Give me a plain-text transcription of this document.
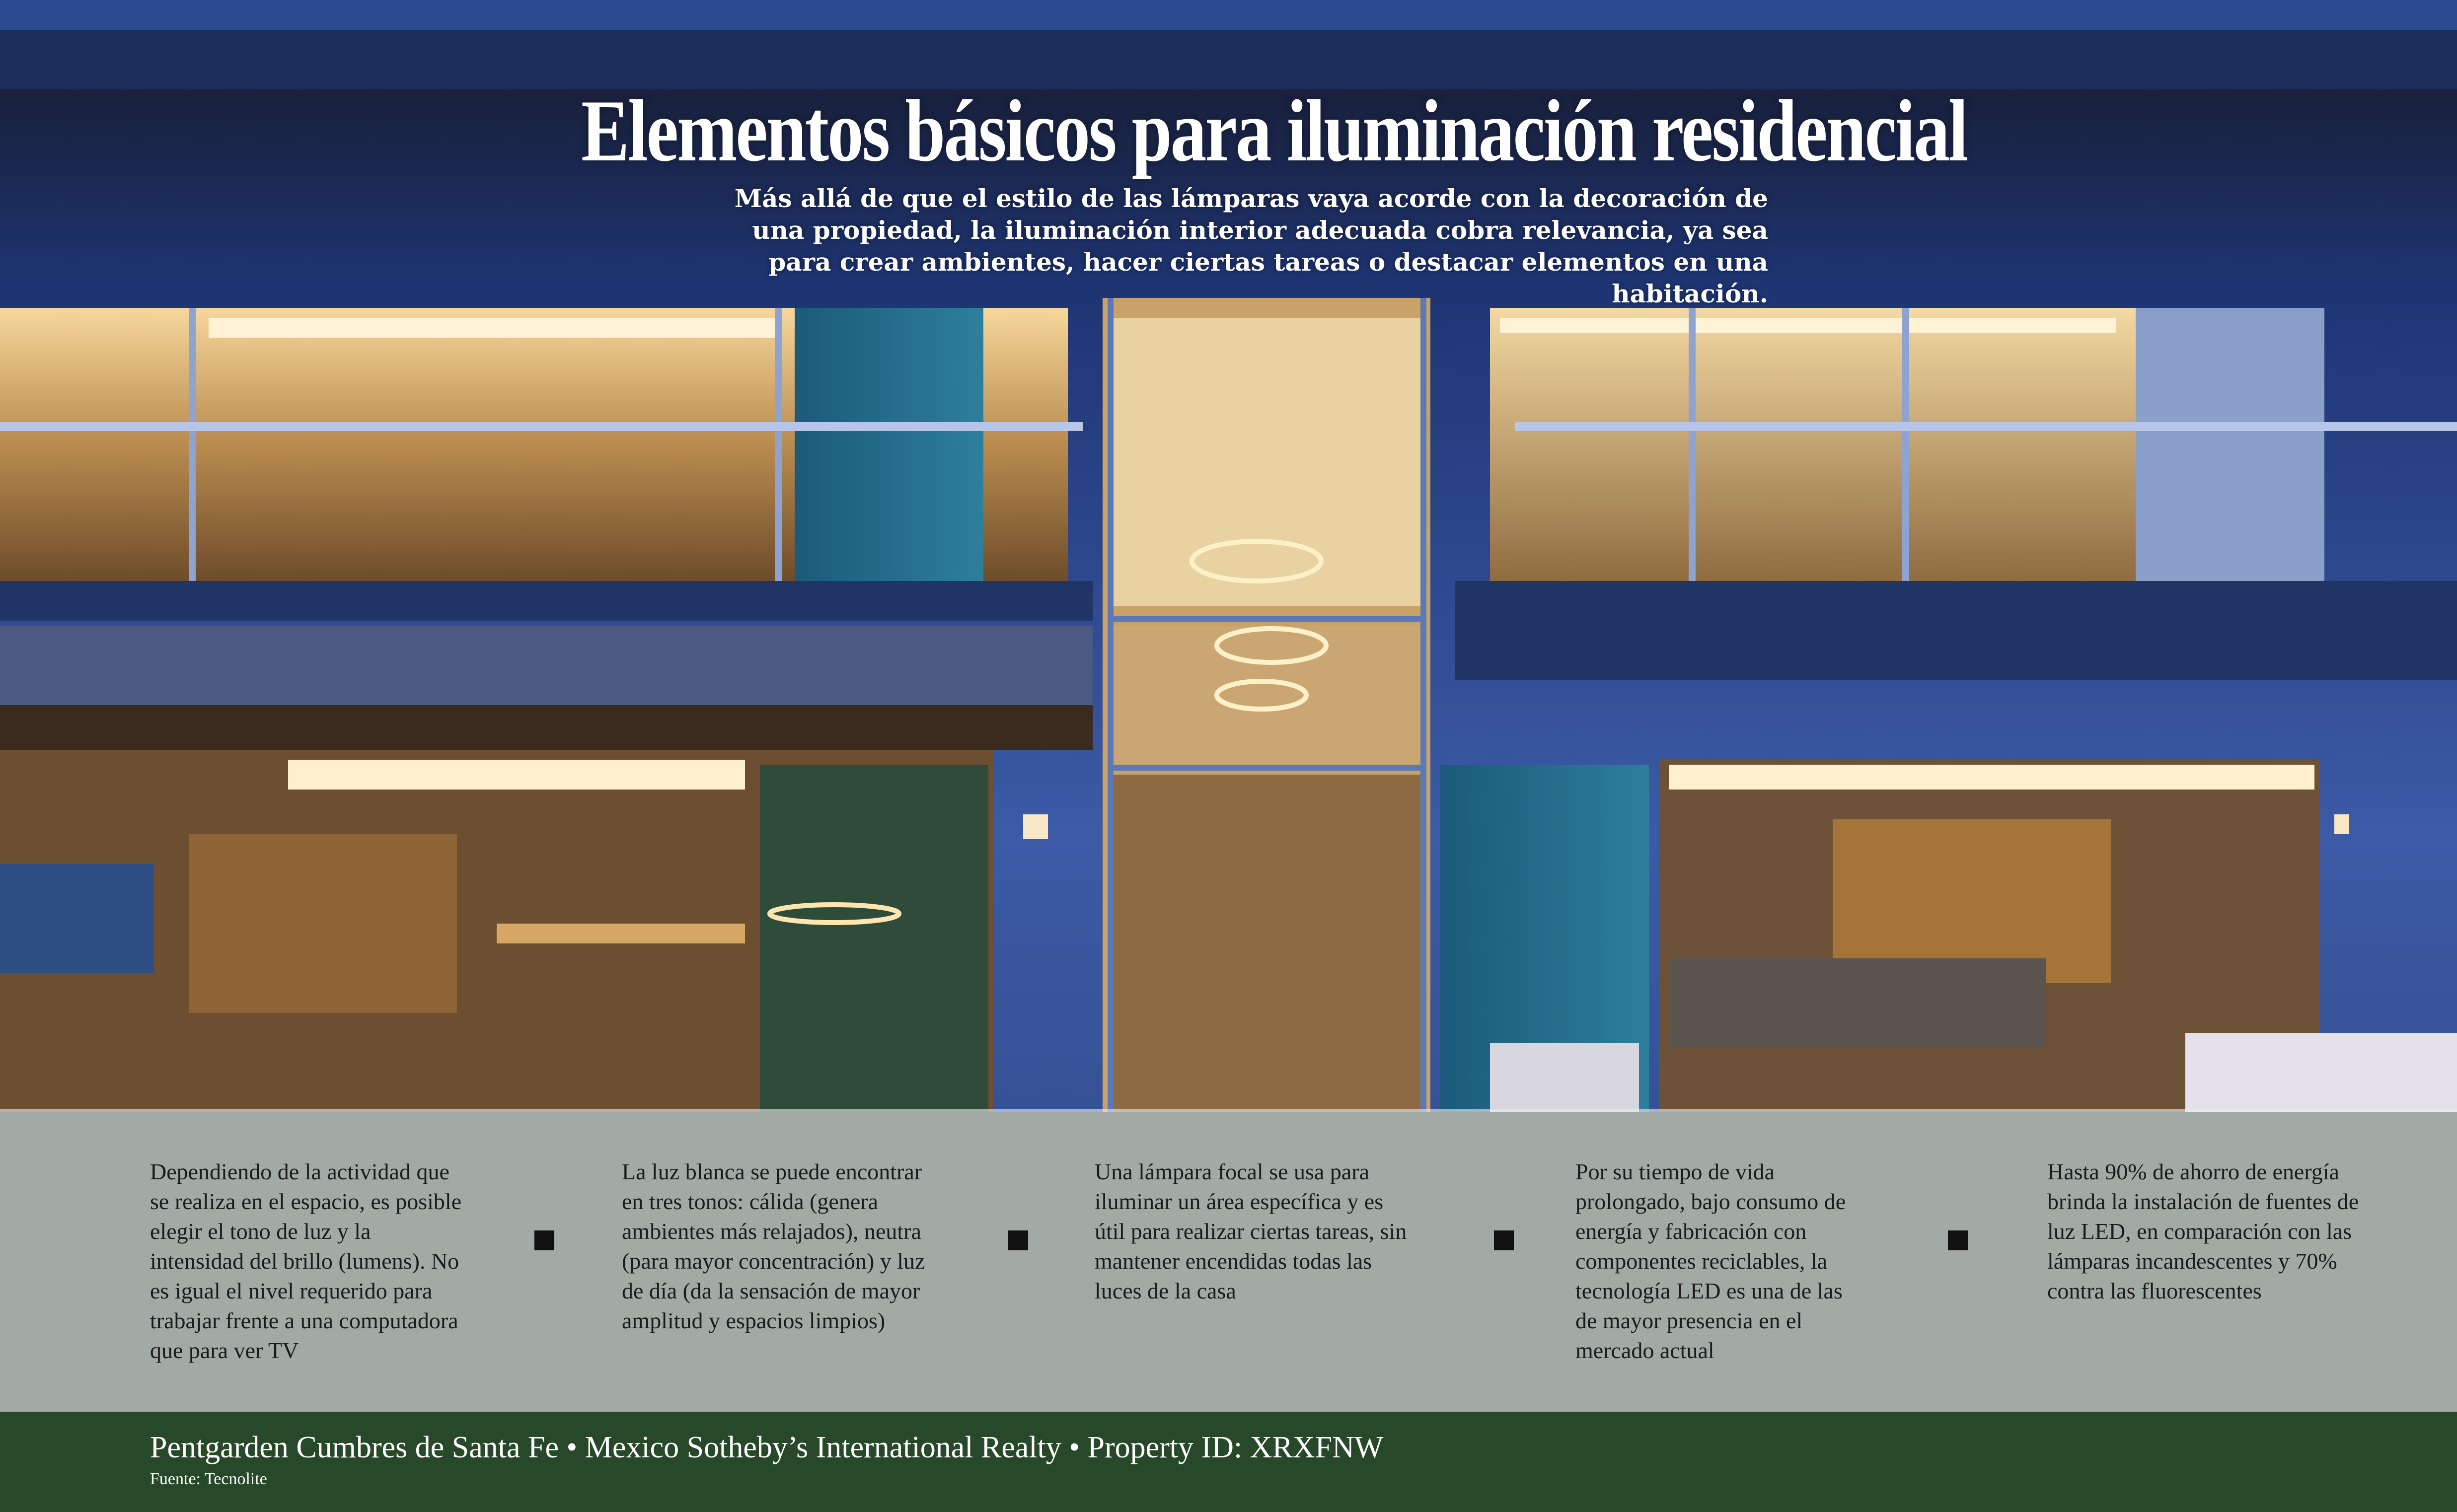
Elementos básicos para iluminación residencial
Más allá de que el estilo de las lámparas vaya acorde con la decoración de una propiedad, la iluminación interior adecuada cobra relevancia, ya sea para crear ambientes, hacer ciertas tareas o destacar elementos en una habitación.
Dependiendo de la actividad que se realiza en el espacio, es posible elegir el tono de luz y la intensidad del brillo (lumens). No es igual el nivel requerido para trabajar frente a una computadora que para ver TV
La luz blanca se puede encontrar en tres tonos: cálida (genera ambientes más relajados), neutra (para mayor concentración) y luz de día (da la sensación de mayor amplitud y espacios limpios)
Una lámpara focal se usa para iluminar un área específica y es útil para realizar ciertas tareas, sin mantener encendidas todas las luces de la casa
Por su tiempo de vida prolongado, bajo consumo de energía y fabricación con componentes reciclables, la tecnología LED es una de las de mayor presencia en el mercado actual
Hasta 90% de ahorro de energía brinda la instalación de fuentes de luz LED, en comparación con las lámparas incandescentes y 70% contra las fluorescentes
Pentgarden Cumbres de Santa Fe • Mexico Sotheby’s International Realty • Property ID: XRXFNW
Fuente: Tecnolite
